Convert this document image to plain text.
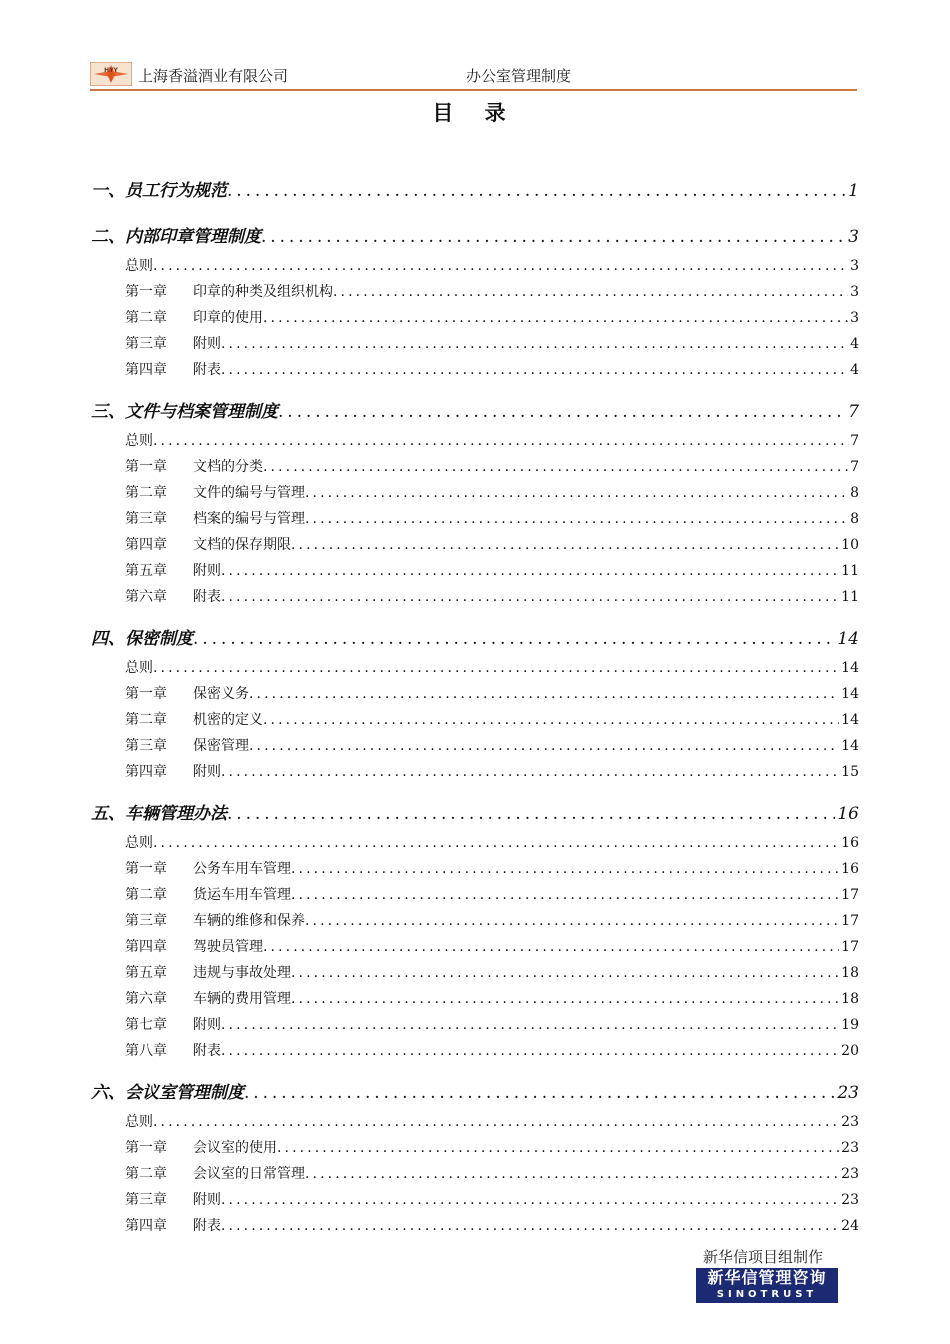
HYY 上海香溢酒业有限公司	办公室管理制度
目 录
一、员工行为规范 .....	1
二、内部印章管理制度 .....	3
总则 .....	3
第一章 印章的种类及组织机构 .....	3
第二章 印章的使用 .....	3
第三章 附则 .....	4
第四章 附表 .....	4
三、文件与档案管理制度 .....	7
总则 .....	7
第一章 文档的分类 .....	7
第二章 文件的编号与管理 .....	8
第三章 档案的编号与管理 .....	8
第四章 文档的保存期限 .....	10
第五章 附则 .....	11
第六章 附表 .....	11
四、保密制度 .....	14
总则 .....	14
第一章 保密义务 .....	14
第二章 机密的定义 .....	14
第三章 保密管理 .....	14
第四章 附则 .....	15
五、车辆管理办法 .....	16
总则 .....	16
第一章 公务车用车管理 .....	16
第二章 货运车用车管理 .....	17
第三章 车辆的维修和保养 .....	17
第四章 驾驶员管理 .....	17
第五章 违规与事故处理 .....	18
第六章 车辆的费用管理 .....	18
第七章 附则 .....	19
第八章 附表 .....	20
六、会议室管理制度 .....	23
总则 .....	23
第一章 会议室的使用 .....	23
第二章 会议室的日常管理 .....	23
第三章 附则 .....	23
第四章 附表 .....	24
新华信项目组制作
新华信管理咨询
SINOTRUST
